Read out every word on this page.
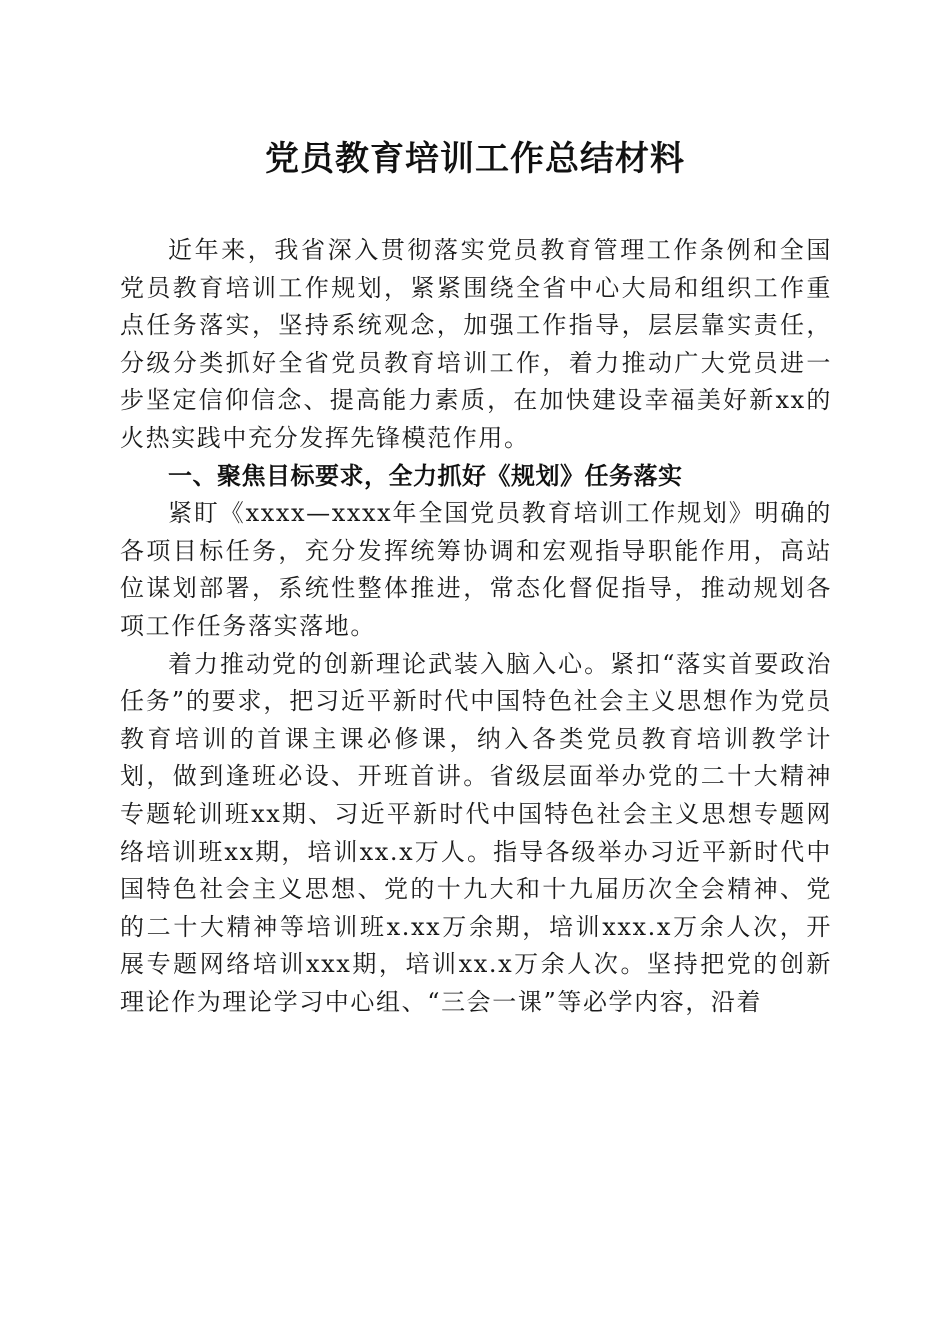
党员教育培训工作总结材料

近年来，我省深入贯彻落实党员教育管理工作条例和全国党员教育培训工作规划，紧紧围绕全省中心大局和组织工作重点任务落实，坚持系统观念，加强工作指导，层层靠实责任，分级分类抓好全省党员教育培训工作，着力推动广大党员进一步坚定信仰信念、提高能力素质，在加快建设幸福美好新xx的火热实践中充分发挥先锋模范作用。

一、聚焦目标要求，全力抓好《规划》任务落实

紧盯《xxxx—xxxx年全国党员教育培训工作规划》明确的各项目标任务，充分发挥统筹协调和宏观指导职能作用，高站位谋划部署，系统性整体推进，常态化督促指导，推动规划各项工作任务落实落地。

着力推动党的创新理论武装入脑入心。紧扣“落实首要政治任务”的要求，把习近平新时代中国特色社会主义思想作为党员教育培训的首课主课必修课，纳入各类党员教育培训教学计划，做到逢班必设、开班首讲。省级层面举办党的二十大精神专题轮训班xx期、习近平新时代中国特色社会主义思想专题网络培训班xx期，培训xx.x万人。指导各级举办习近平新时代中国特色社会主义思想、党的十九大和十九届历次全会精神、党的二十大精神等培训班x.xx万余期，培训xxx.x万余人次，开展专题网络培训xxx期，培训xx.x万余人次。坚持把党的创新理论作为理论学习中心组、“三会一课”等必学内容，沿着
